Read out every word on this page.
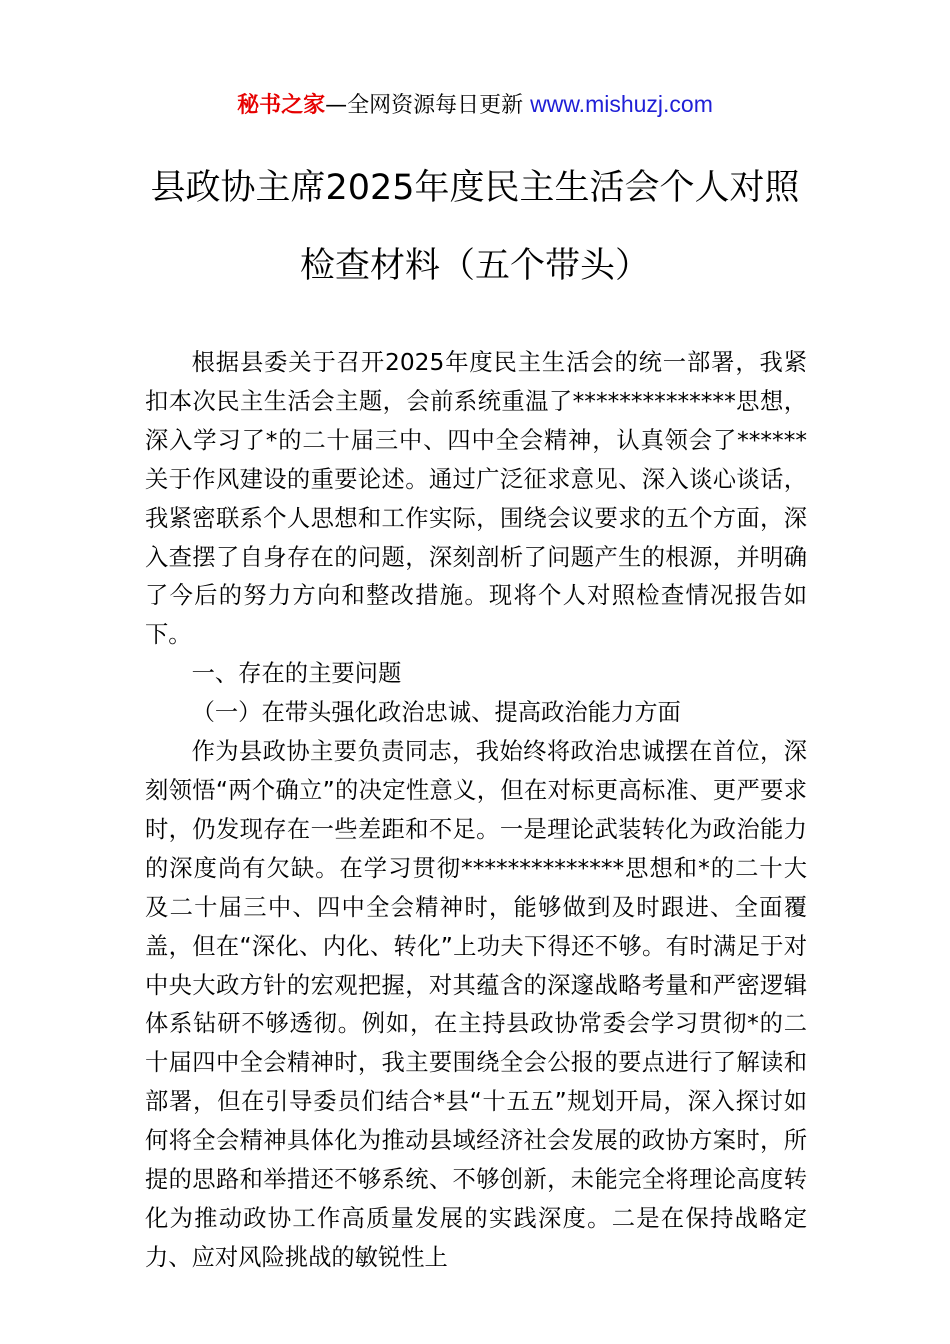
秘书之家—全网资源每日更新 www.mishuzj.com
县政协主席2025年度民主生活会个人对照
检查材料（五个带头）

根据县委关于召开2025年度民主生活会的统一部署，我紧扣本次民主生活会主题，会前系统重温了**************思想，深入学习了*的二十届三中、四中全会精神，认真领会了******关于作风建设的重要论述。通过广泛征求意见、深入谈心谈话，我紧密联系个人思想和工作实际，围绕会议要求的五个方面，深入查摆了自身存在的问题，深刻剖析了问题产生的根源，并明确了今后的努力方向和整改措施。现将个人对照检查情况报告如下。

一、存在的主要问题

（一）在带头强化政治忠诚、提高政治能力方面

作为县政协主要负责同志，我始终将政治忠诚摆在首位，深刻领悟“两个确立”的决定性意义，但在对标更高标准、更严要求时，仍发现存在一些差距和不足。一是理论武装转化为政治能力的深度尚有欠缺。在学习贯彻**************思想和*的二十大及二十届三中、四中全会精神时，能够做到及时跟进、全面覆盖，但在“深化、内化、转化”上功夫下得还不够。有时满足于对中央大政方针的宏观把握，对其蕴含的深邃战略考量和严密逻辑体系钻研不够透彻。例如，在主持县政协常委会学习贯彻*的二十届四中全会精神时，我主要围绕全会公报的要点进行了解读和部署，但在引导委员们结合*县“十五五”规划开局，深入探讨如何将全会精神具体化为推动县域经济社会发展的政协方案时，所提的思路和举措还不够系统、不够创新，未能完全将理论高度转化为推动政协工作高质量发展的实践深度。二是在保持战略定力、应对风险挑战的敏锐性上
